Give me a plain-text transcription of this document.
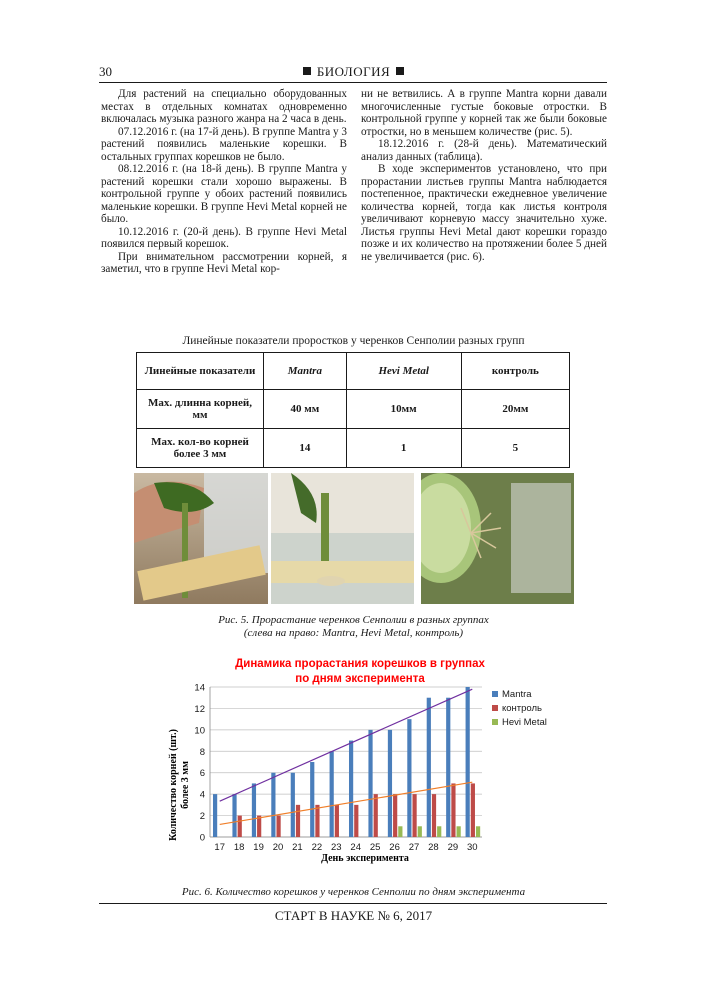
30	БИОЛОГИЯ

Для растений на специально оборудованных местах в отдельных комнатах одновременно включалась музыка разного жанра на 2 часа в день.

07.12.2016 г. (на 17-й день). В группе Mantra у 3 растений появились маленькие корешки. В остальных группах корешков не было.

08.12.2016 г. (на 18-й день). В группе Mantra у растений корешки стали хорошо выражены. В контрольной группе у обоих растений появились маленькие корешки. В группе Hevi Metal корней не было.

10.12.2016 г. (20-й день). В группе Hevi Metal появился первый корешок.

При внимательном рассмотрении корней, я заметил, что в группе Hevi Metal кор-

ни не ветвились. А в группе Mantra корни давали многочисленные густые боковые отростки. В контрольной группе у корней так же были боковые отростки, но в меньшем количестве (рис. 5).

18.12.2016 г. (28-й день). Математический анализ данных (таблица).

В ходе экспериментов установлено, что при прорастании листьев группы Mantra наблюдается постепенное, практически ежедневное увеличение количества корней, тогда как листья контроля увеличивают корневую массу значительно хуже. Листья группы Hevi Metal дают корешки гораздо позже и их количество на протяжении более 5 дней не увеличивается (рис. 6).

Линейные показатели проростков у черенков Сенполии разных групп
Линейные показатели	Mantra	Hevi Metal	контроль
Мах. длинна корней, мм	40 мм	10мм	20мм
Мах. кол-во корней более 3 мм	14	1	5
Рис. 5. Прорастание черенков Сенполии в разных группах
(слева на право: Mantra, Hevi Metal, контроль)
Динамика прорастания корешков в группах
по дням эксперимента
0
2
4
6
8
10
12
14
17 18 19 20 21 22 23 24 25 26 27 28 29 30
Количество корней (шт.) более 3 мм
День эксперимента
Mantra
контроль
Hevi Metal
Рис. 6. Количество корешков у черенков Сенполии по дням эксперимента
СТАРТ В НАУКЕ № 6, 2017
